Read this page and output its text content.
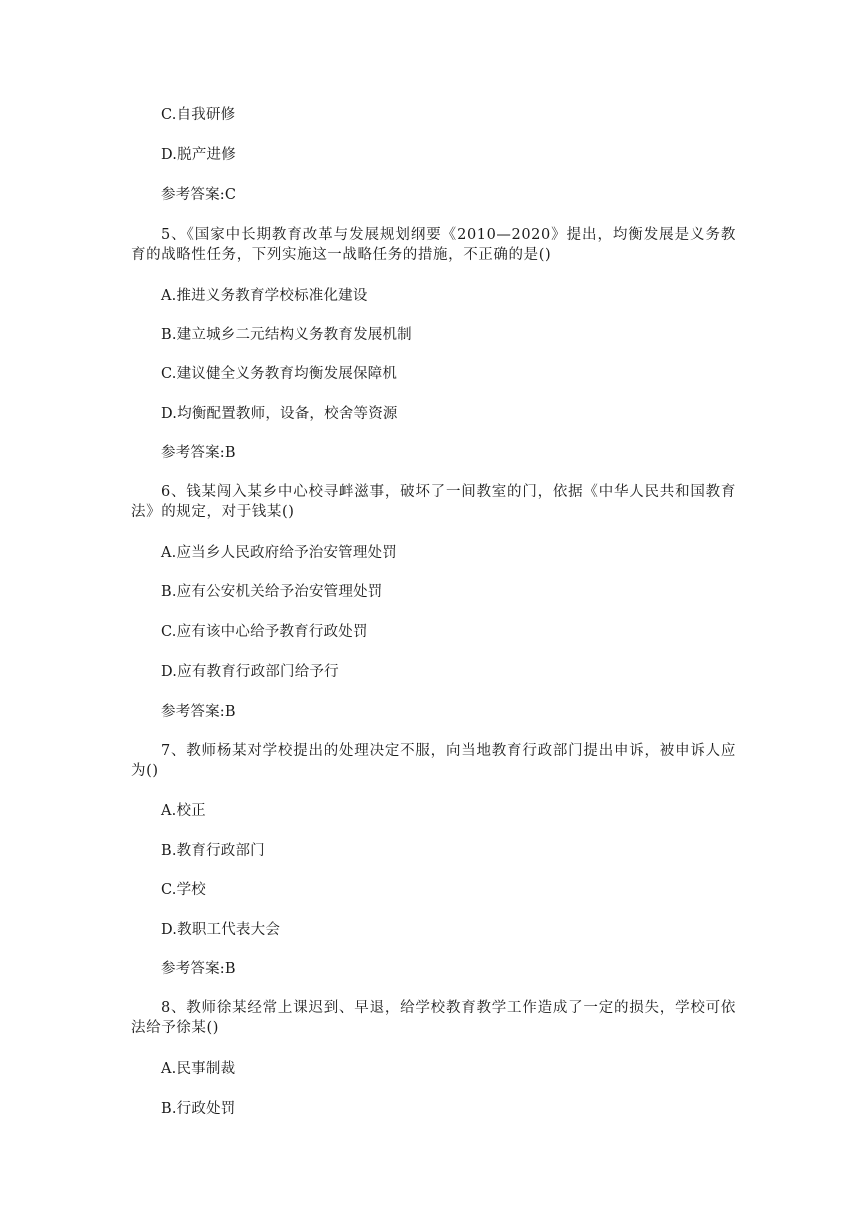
C.自我研修
D.脱产进修
参考答案:C
5、《国家中长期教育改革与发展规划纲要《2010—2020》提出，均衡发展是义务教育的战略性任务，下列实施这一战略任务的措施，不正确的是()
A.推进义务教育学校标准化建设
B.建立城乡二元结构义务教育发展机制
C.建议健全义务教育均衡发展保障机
D.均衡配置教师，设备，校舍等资源
参考答案:B
6、钱某闯入某乡中心校寻衅滋事，破坏了一间教室的门，依据《中华人民共和国教育法》的规定，对于钱某()
A.应当乡人民政府给予治安管理处罚
B.应有公安机关给予治安管理处罚
C.应有该中心给予教育行政处罚
D.应有教育行政部门给予行
参考答案:B
7、教师杨某对学校提出的处理决定不服，向当地教育行政部门提出申诉，被申诉人应为()
A.校正
B.教育行政部门
C.学校
D.教职工代表大会
参考答案:B
8、教师徐某经常上课迟到、早退，给学校教育教学工作造成了一定的损失，学校可依法给予徐某()
A.民事制裁
B.行政处罚
